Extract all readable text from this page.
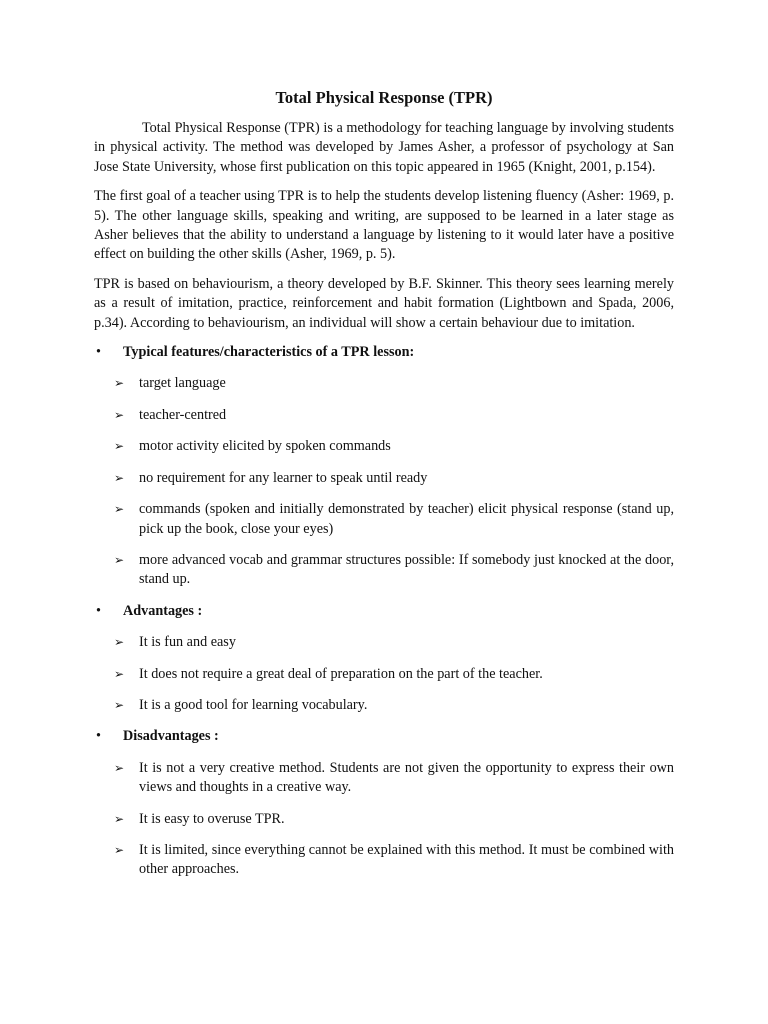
Total Physical Response (TPR)

Total Physical Response (TPR) is a methodology for teaching language by involving students in physical activity. The method was developed by James Asher, a professor of psychology at San Jose State University, whose first publication on this topic appeared in 1965 (Knight, 2001, p.154).

The first goal of a teacher using TPR is to help the students develop listening fluency (Asher: 1969, p. 5). The other language skills, speaking and writing, are supposed to be learned in a later stage as Asher believes that the ability to understand a language by listening to it would later have a positive effect on building the other skills (Asher, 1969, p. 5).

TPR is based on behaviourism, a theory developed by B.F. Skinner. This theory sees learning merely as a result of imitation, practice, reinforcement and habit formation (Lightbown and Spada, 2006, p.34). According to behaviourism, an individual will show a certain behaviour due to imitation.

•	Typical features/characteristics of a TPR lesson:
➢	target language
➢	teacher-centred
➢	motor activity elicited by spoken commands
➢	no requirement for any learner to speak until ready
➢	commands (spoken and initially demonstrated by teacher) elicit physical response (stand up, pick up the book, close your eyes)
➢	more advanced vocab and grammar structures possible: If somebody just knocked at the door, stand up.
•	Advantages :
➢	It is fun and easy
➢	It does not require a great deal of preparation on the part of the teacher.
➢	It is a good tool for learning vocabulary.
•	Disadvantages :
➢	It is not a very creative method. Students are not given the opportunity to express their own views and thoughts in a creative way.
➢	It is easy to overuse TPR.
➢	It is limited, since everything cannot be explained with this method. It must be combined with other approaches.
